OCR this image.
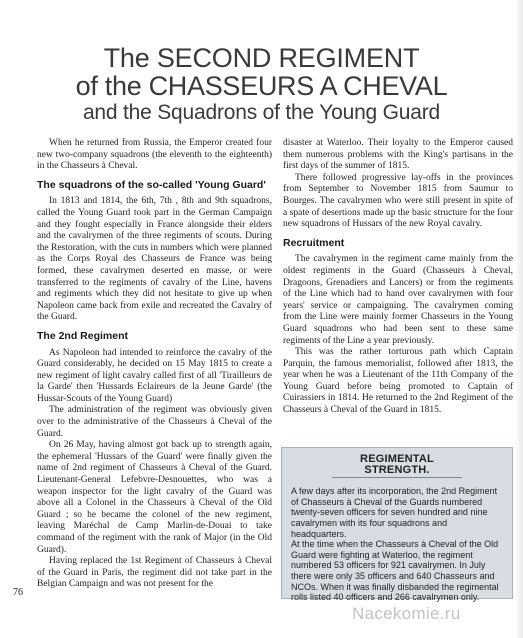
The SECOND REGIMENT
of the CHASSEURS A CHEVAL
and the Squadrons of the Young Guard

When he returned from Russia, the Emperor created four new two-company squadrons (the eleventh to the eighteenth) in the Chasseurs à Cheval.

The squadrons of the so-called 'Young Guard'

In 1813 and 1814, the 6th, 7th , 8th and 9th squadrons, called the Young Guard took part in the German Campaign and they fought especially in France alongside their elders and the cavalrymen of the three regiments of scouts. During the Restoration, with the cuts in numbers which were planned as the Corps Royal des Chasseurs de France was being formed, these cavalrymen deserted en masse, or were transferred to the regiments of cavalry of the Line, havens and regiments which they did not hesitate to give up when Napoleon came back from exile and recreated the Cavalry of the Guard.

The 2nd Regiment

As Napoleon had intended to reinforce the cavalry of the Guard considerably, he decided on 15 May 1815 to create a new regiment of light cavalry called first of all 'Tirailleurs de la Garde' then 'Hussards Eclaireurs de la Jeune Garde' (the Hussar-Scouts of the Young Guard)

The administration of the regiment was obviously given over to the administrative of the Chasseurs à Cheval of the Guard.

On 26 May, having almost got back up to strength again, the ephemeral 'Hussars of the Guard' were finally given the name of 2nd regiment of Chasseurs à Cheval of the Guard. Lieutenant-General Lefebvre-Desnouettes, who was a weapon inspector for the light cavalry of the Guard was above all a Colonel in the Chasseurs à Cheval of the Old Guard ; so he became the colonel of the new regiment, leaving Maréchal de Camp Marlin-de-Douai to take command of the regiment with the rank of Major (in the Old Guard).

Having replaced the 1st Regiment of Chasseurs à Cheval of the Guard in Paris, the regiment did not take part in the Belgian Campaign and was not present for the

disaster at Waterloo. Their loyalty to the Emperor caused them numerous problems with the King's partisans in the first days of the summer of 1815.

There followed progressive lay-offs in the provinces from September to November 1815 from Saumur to Bourges. The cavalrymen who were still present in spite of a spate of desertions made up the basic structure for the four new squadrons of Hussars of the new Royal cavalry.

Recruitment

The cavalrymen in the regiment came mainly from the oldest regiments in the Guard (Chasseurs à Cheval, Dragoons, Grenadiers and Lancers) or from the regiments of the Line which had to hand over cavalrymen with four years' service or campaigning. The cavalrymen coming from the Line were mainly former Chasseurs in the Young Guard squadrons who had been sent to these same regiments of the Line a year previously.

This was the rather torturous path which Captain Parquin, the famous memorialist, followed after 1813, the year when he was a Lieutenant of the 11th Company of the Young Guard before being promoted to Captain of Cuirassiers in 1814. He returned to the 2nd Regiment of the Chasseurs à Cheval of the Guard in 1815.

REGIMENTAL STRENGTH.

A few days after its incorporation, the 2nd Regiment of Chasseurs à Cheval of the Guards numbered twenty-seven officers for seven hundred and nine cavalrymen with its four squadrons and headquarters.

At the time when the Chasseurs à Cheval of the Old Guard were fighting at Waterloo, the regiment numbered 53 officers for 921 cavalrymen. In July there were only 35 officers and 640 Chasseurs and NCOs. When it was finally disbanded the regimental rolls listed 40 officers and 266 cavalrymen only.

76
Nacekomie.ru
